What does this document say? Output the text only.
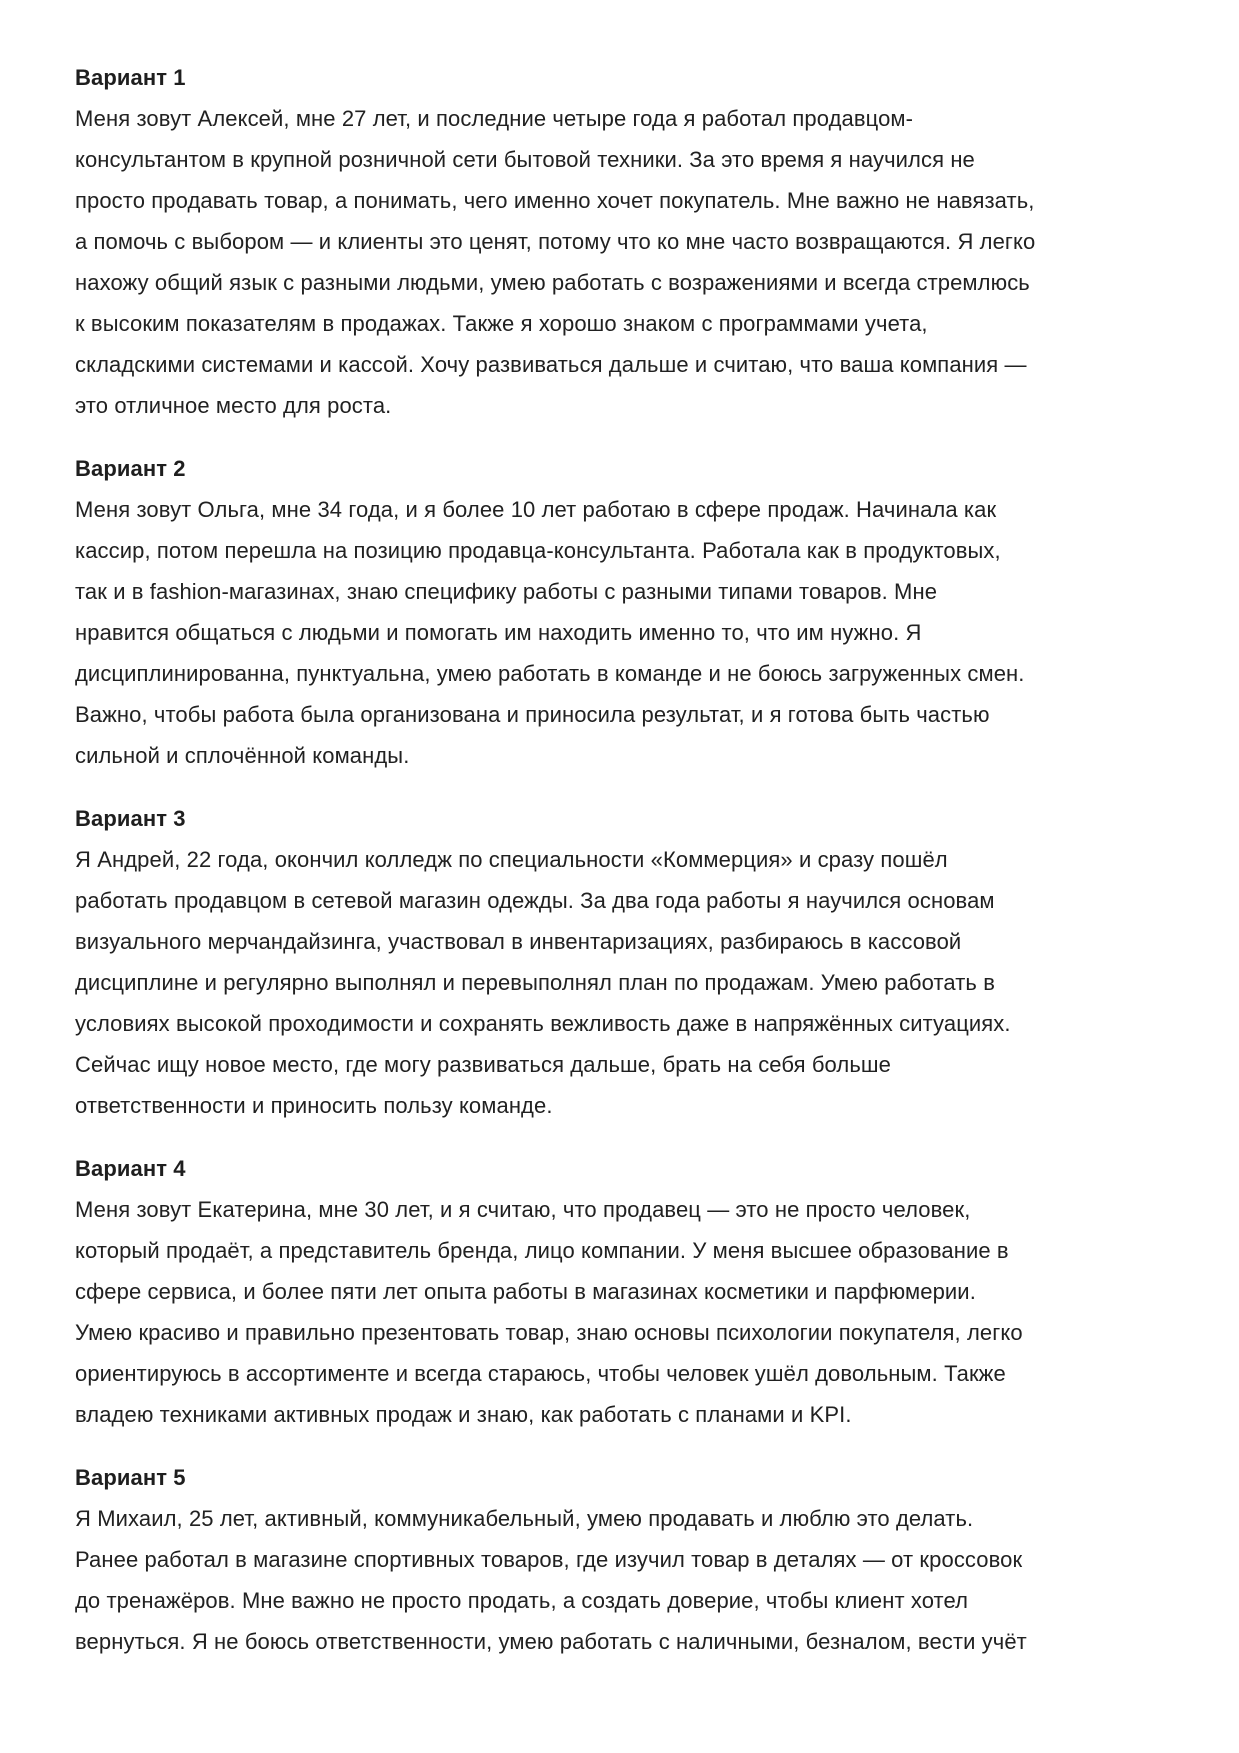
Вариант 1

Меня зовут Алексей, мне 27 лет, и последние четыре года я работал продавцом-консультантом в крупной розничной сети бытовой техники. За это время я научился не просто продавать товар, а понимать, чего именно хочет покупатель. Мне важно не навязать, а помочь с выбором — и клиенты это ценят, потому что ко мне часто возвращаются. Я легко нахожу общий язык с разными людьми, умею работать с возражениями и всегда стремлюсь к высоким показателям в продажах. Также я хорошо знаком с программами учета, складскими системами и кассой. Хочу развиваться дальше и считаю, что ваша компания — это отличное место для роста.

Вариант 2

Меня зовут Ольга, мне 34 года, и я более 10 лет работаю в сфере продаж. Начинала как кассир, потом перешла на позицию продавца-консультанта. Работала как в продуктовых, так и в fashion-магазинах, знаю специфику работы с разными типами товаров. Мне нравится общаться с людьми и помогать им находить именно то, что им нужно. Я дисциплинированна, пунктуальна, умею работать в команде и не боюсь загруженных смен. Важно, чтобы работа была организована и приносила результат, и я готова быть частью сильной и сплочённой команды.

Вариант 3

Я Андрей, 22 года, окончил колледж по специальности «Коммерция» и сразу пошёл работать продавцом в сетевой магазин одежды. За два года работы я научился основам визуального мерчандайзинга, участвовал в инвентаризациях, разбираюсь в кассовой дисциплине и регулярно выполнял и перевыполнял план по продажам. Умею работать в условиях высокой проходимости и сохранять вежливость даже в напряжённых ситуациях. Сейчас ищу новое место, где могу развиваться дальше, брать на себя больше ответственности и приносить пользу команде.

Вариант 4

Меня зовут Екатерина, мне 30 лет, и я считаю, что продавец — это не просто человек, который продаёт, а представитель бренда, лицо компании. У меня высшее образование в сфере сервиса, и более пяти лет опыта работы в магазинах косметики и парфюмерии. Умею красиво и правильно презентовать товар, знаю основы психологии покупателя, легко ориентируюсь в ассортименте и всегда стараюсь, чтобы человек ушёл довольным. Также владею техниками активных продаж и знаю, как работать с планами и KPI.

Вариант 5

Я Михаил, 25 лет, активный, коммуникабельный, умею продавать и люблю это делать. Ранее работал в магазине спортивных товаров, где изучил товар в деталях — от кроссовок до тренажёров. Мне важно не просто продать, а создать доверие, чтобы клиент хотел вернуться. Я не боюсь ответственности, умею работать с наличными, безналом, вести учёт
